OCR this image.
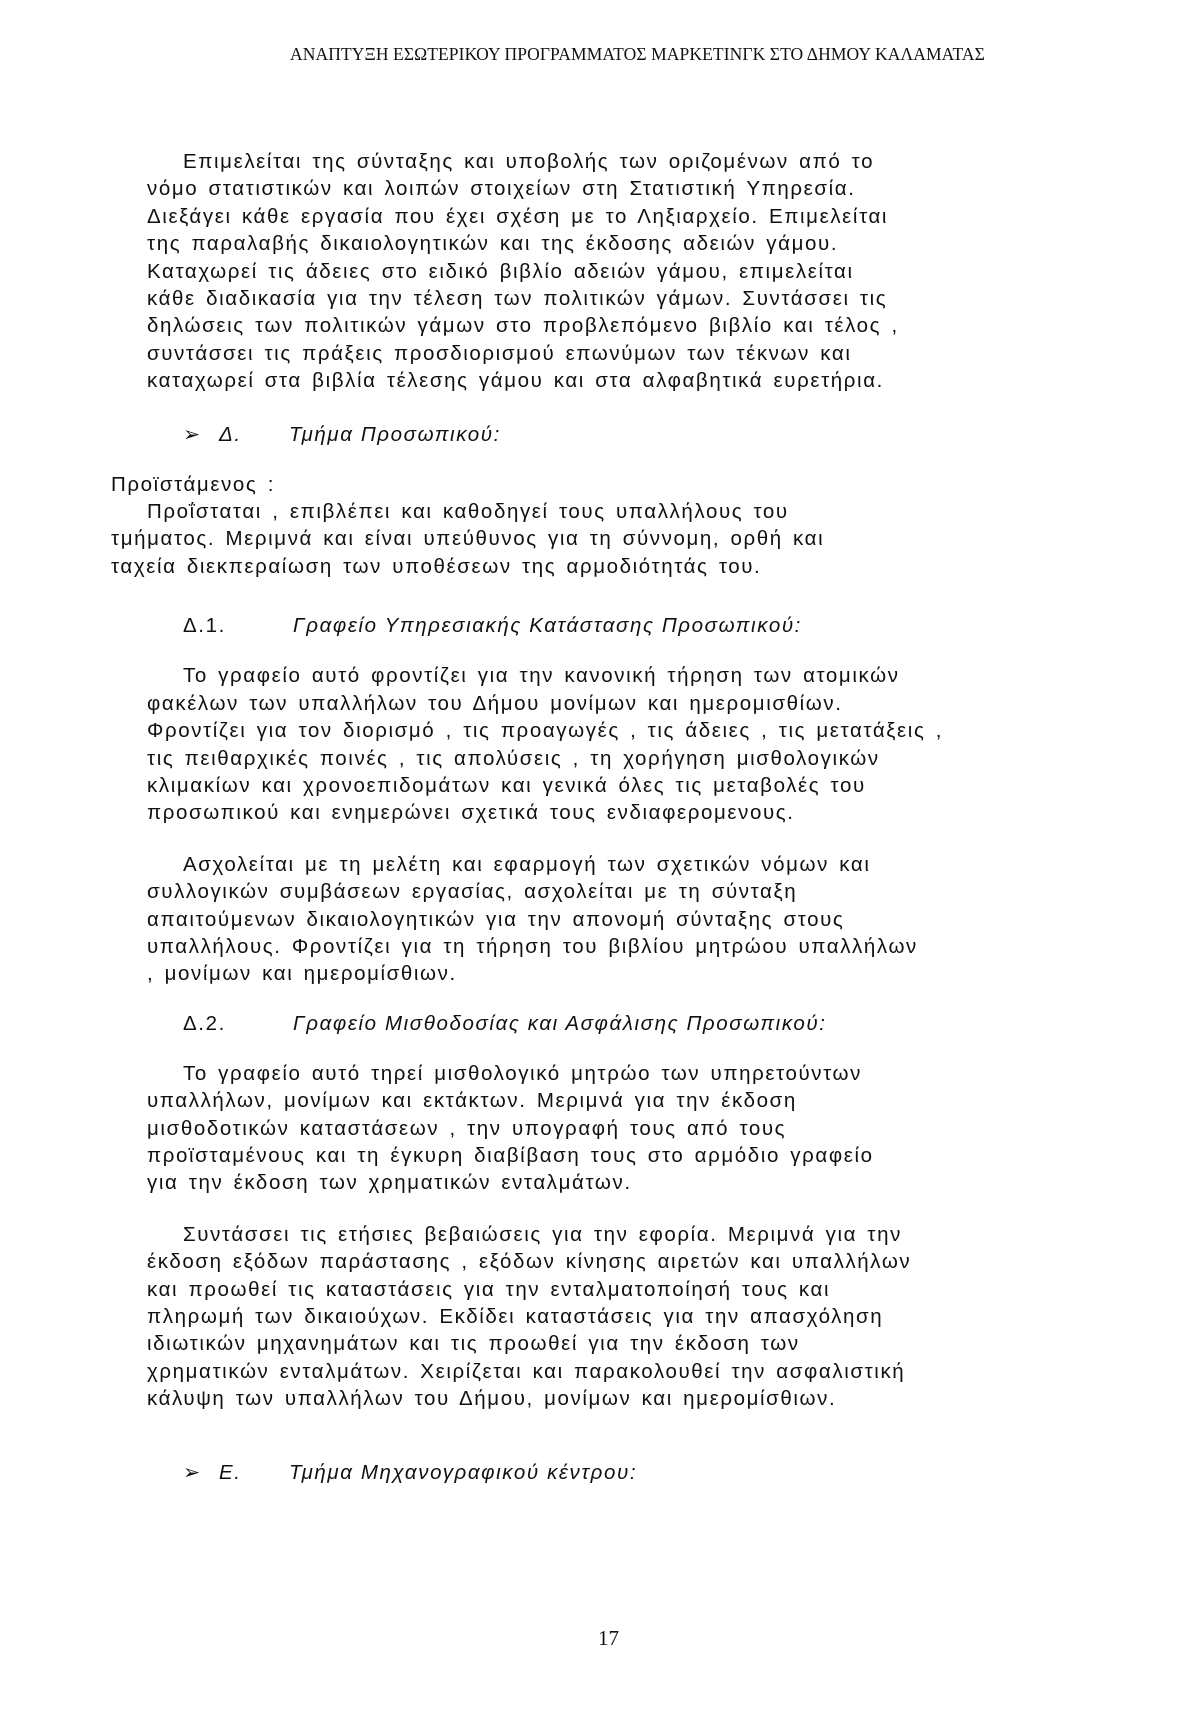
ΑΝΑΠΤΥΞΗ ΕΣΩΤΕΡΙΚΟΥ ΠΡΟΓΡΑΜΜΑΤΟΣ ΜΑΡΚΕΤΙΝΓΚ ΣΤΟ ΔΗΜΟΥ ΚΑΛΑΜΑΤΑΣ

Επιμελείται της σύνταξης και υποβολής των οριζομένων από το
νόμο στατιστικών και λοιπών στοιχείων στη Στατιστική Υπηρεσία.
Διεξάγει κάθε εργασία που έχει σχέση με το Ληξιαρχείο. Επιμελείται
της παραλαβής δικαιολογητικών και της έκδοσης αδειών γάμου.
Καταχωρεί τις άδειες στο ειδικό βιβλίο αδειών γάμου, επιμελείται
κάθε διαδικασία για την τέλεση των πολιτικών γάμων. Συντάσσει τις
δηλώσεις των πολιτικών γάμων στο προβλεπόμενο βιβλίο και τέλος ,
συντάσσει τις πράξεις προσδιορισμού επωνύμων των τέκνων και
καταχωρεί στα βιβλία τέλεσης γάμου και στα αλφαβητικά ευρετήρια.

➢ Δ.	Τμήμα Προσωπικού:

Προϊστάμενος :
Προΐσταται , επιβλέπει και καθοδηγεί τους υπαλλήλους του
τμήματος. Μεριμνά και είναι υπεύθυνος για τη σύννομη, ορθή και
ταχεία διεκπεραίωση των υποθέσεων της αρμοδιότητάς του.

Δ.1.	Γραφείο Υπηρεσιακής Κατάστασης Προσωπικού:

Το γραφείο αυτό φροντίζει για την κανονική τήρηση των ατομικών
φακέλων των υπαλλήλων του Δήμου μονίμων και ημερομισθίων.
Φροντίζει για τον διορισμό , τις προαγωγές , τις άδειες , τις μετατάξεις ,
τις πειθαρχικές ποινές , τις απολύσεις , τη χορήγηση μισθολογικών
κλιμακίων και χρονοεπιδομάτων και γενικά όλες τις μεταβολές του
προσωπικού και ενημερώνει σχετικά τους ενδιαφερομενους.

Ασχολείται με τη μελέτη και εφαρμογή των σχετικών νόμων και
συλλογικών συμβάσεων εργασίας, ασχολείται με τη σύνταξη
απαιτούμενων δικαιολογητικών για την απονομή σύνταξης στους
υπαλλήλους. Φροντίζει για τη τήρηση του βιβλίου μητρώου υπαλλήλων
, μονίμων και ημερομίσθιων.

Δ.2.	Γραφείο Μισθοδοσίας και Ασφάλισης Προσωπικού:

Το γραφείο αυτό τηρεί μισθολογικό μητρώο των υπηρετούντων
υπαλλήλων, μονίμων και εκτάκτων. Μεριμνά για την έκδοση
μισθοδοτικών καταστάσεων , την υπογραφή τους από τους
προϊσταμένους και τη έγκυρη διαβίβαση τους στο αρμόδιο γραφείο
για την έκδοση των χρηματικών ενταλμάτων.

Συντάσσει τις ετήσιες βεβαιώσεις για την εφορία. Μεριμνά για την
έκδοση εξόδων παράστασης , εξόδων κίνησης αιρετών και υπαλλήλων
και προωθεί τις καταστάσεις για την ενταλματοποίησή τους και
πληρωμή των δικαιούχων. Εκδίδει καταστάσεις για την απασχόληση
ιδιωτικών μηχανημάτων και τις προωθεί για την έκδοση των
χρηματικών ενταλμάτων. Χειρίζεται και παρακολουθεί την ασφαλιστική
κάλυψη των υπαλλήλων του Δήμου, μονίμων και ημερομίσθιων.

➢ Ε.	Τμήμα Μηχανογραφικού κέντρου:
17
